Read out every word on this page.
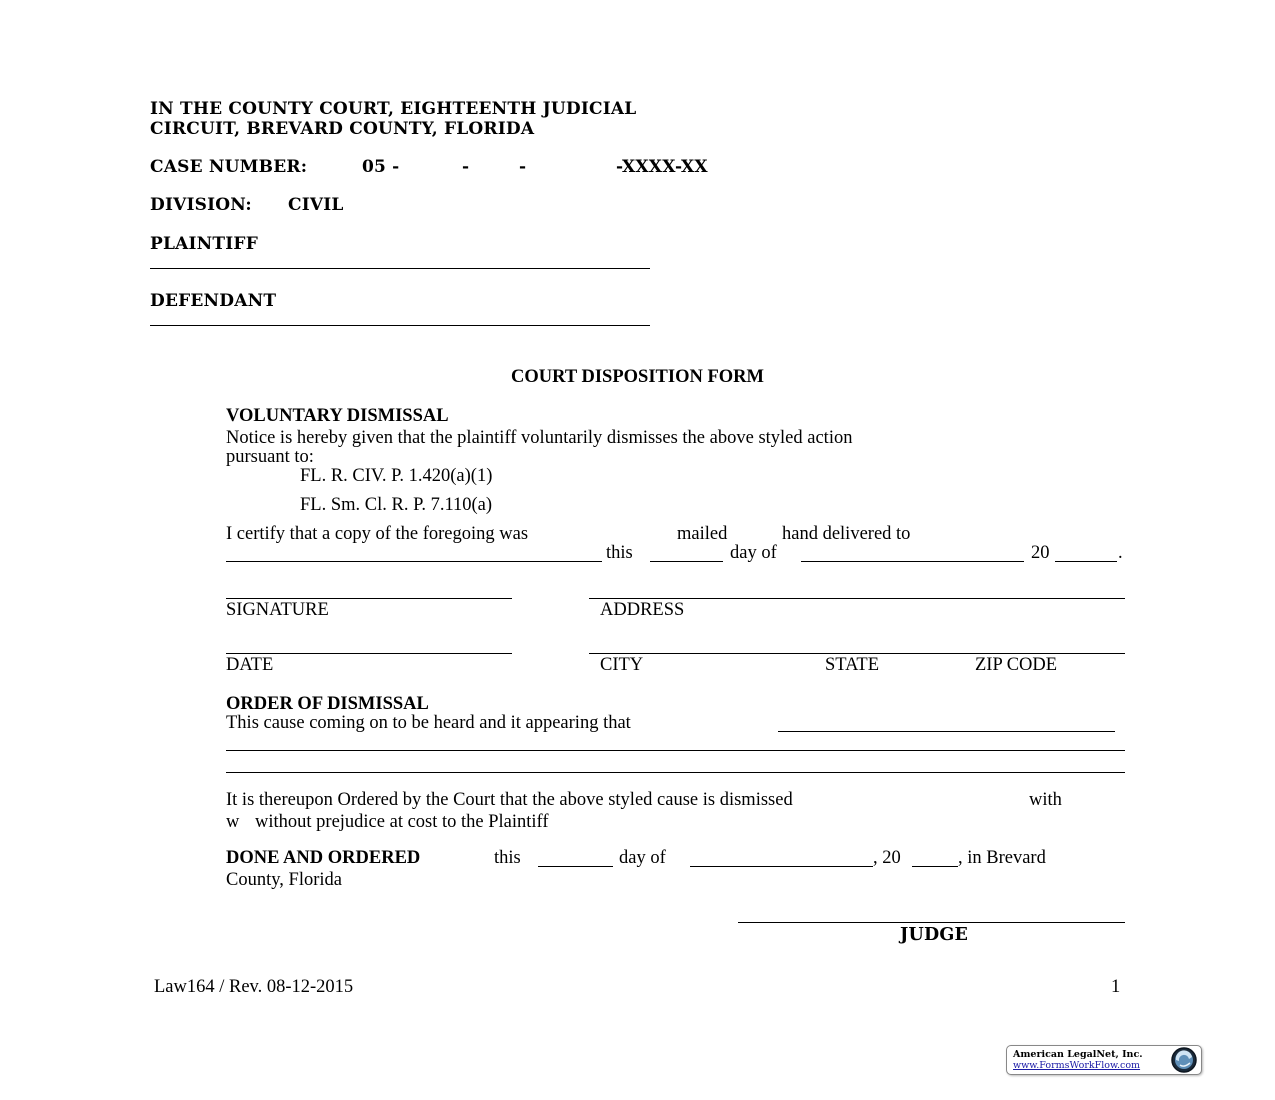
IN THE COUNTY COURT, EIGHTEENTH JUDICIAL
CIRCUIT, BREVARD COUNTY, FLORIDA
CASE NUMBER:	05 -	-	-	-XXXX-XX
DIVISION: CIVIL
PLAINTIFF
DEFENDANT
COURT DISPOSITION FORM
VOLUNTARY DISMISSAL
Notice is hereby given that the plaintiff voluntarily dismisses the above styled action
pursuant to:
FL. R. CIV. P. 1.420(a)(1)
FL. Sm. Cl. R. P. 7.110(a)
I certify that a copy of the foregoing was	mailed	hand delivered to
this	day of	20	.
SIGNATURE	ADDRESS
DATE	CITY	STATE	ZIP CODE
ORDER OF DISMISSAL
This cause coming on to be heard and it appearing that
It is thereupon Ordered by the Court that the above styled cause is dismissed	with
w without prejudice at cost to the Plaintiff
DONE AND ORDERED	this	day of	, 20	, in Brevard
County, Florida
JUDGE
Law164 / Rev. 08-12-2015	1
American LegalNet, Inc.
www.FormsWorkFlow.com
